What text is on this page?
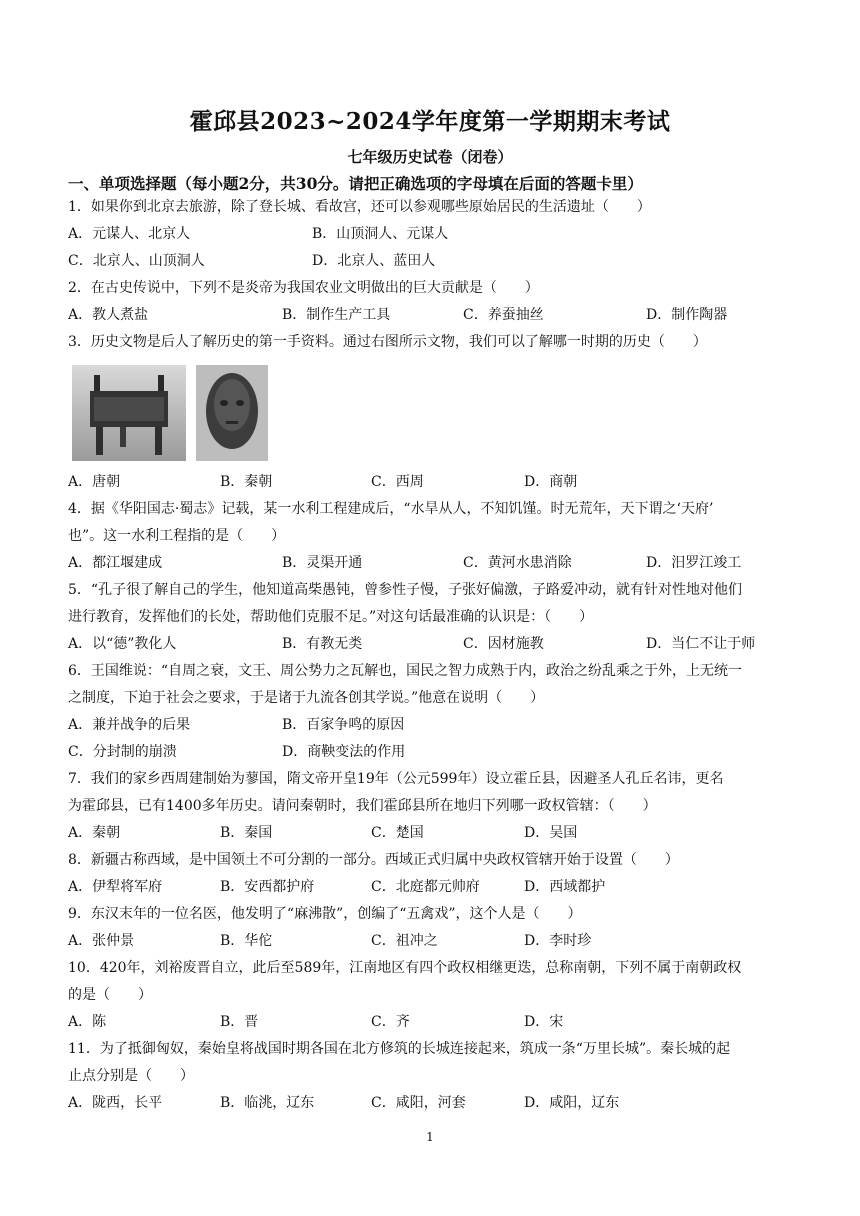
霍邱县2023~2024学年度第一学期期末考试
七年级历史试卷（闭卷）
一、单项选择题（每小题2分，共30分。请把正确选项的字母填在后面的答题卡里）
1．如果你到北京去旅游，除了登长城、看故宫，还可以参观哪些原始居民的生活遗址（　　）
A．元谋人、北京人	B．山顶洞人、元谋人
C．北京人、山顶洞人	D．北京人、蓝田人
2．在古史传说中，下列不是炎帝为我国农业文明做出的巨大贡献是（　　）
A．教人煮盐	B．制作生产工具	C．养蚕抽丝	D．制作陶器
3．历史文物是后人了解历史的第一手资料。通过右图所示文物，我们可以了解哪一时期的历史（　　）
A．唐朝	B．秦朝	C．西周	D．商朝
4．据《华阳国志·蜀志》记载，某一水利工程建成后，“水旱从人，不知饥馑。时无荒年，天下谓之‘天府’
也”。这一水利工程指的是（　　）
A．都江堰建成	B．灵渠开通	C．黄河水患消除	D．汨罗江竣工
5．“孔子很了解自己的学生，他知道高柴愚钝，曾参性子慢，子张好偏激，子路爱冲动，就有针对性地对他们
进行教育，发挥他们的长处，帮助他们克服不足。”对这句话最准确的认识是：（　　）
A．以“德”教化人	B．有教无类	C．因材施教	D．当仁不让于师
6．王国维说：“自周之衰，文王、周公势力之瓦解也，国民之智力成熟于内，政治之纷乱乘之于外，上无统一
之制度，下迫于社会之要求，于是诸于九流各创其学说。”他意在说明（　　）
A．兼并战争的后果	B．百家争鸣的原因
C．分封制的崩溃	D．商鞅变法的作用
7．我们的家乡西周建制始为蓼国，隋文帝开皇19年（公元599年）设立霍丘县，因避圣人孔丘名讳，更名
为霍邱县，已有1400多年历史。请问秦朝时，我们霍邱县所在地归下列哪一政权管辖：（　　）
A．秦朝	B．秦国	C．楚国	D．吴国
8．新疆古称西域，是中国领土不可分割的一部分。西域正式归属中央政权管辖开始于设置（　　）
A．伊犁将军府	B．安西都护府	C．北庭都元帅府	D．西域都护
9．东汉末年的一位名医，他发明了“麻沸散”，创编了“五禽戏”，这个人是（　　）
A．张仲景	B．华佗	C．祖冲之	D．李时珍
10．420年，刘裕废晋自立，此后至589年，江南地区有四个政权相继更迭，总称南朝，下列不属于南朝政权
的是（　　）
A．陈	B．晋	C．齐	D．宋
11．为了抵御匈奴，秦始皇将战国时期各国在北方修筑的长城连接起来，筑成一条“万里长城”。秦长城的起
止点分别是（　　）
A．陇西，长平	B．临洮，辽东	C．咸阳，河套	D．咸阳，辽东
1
